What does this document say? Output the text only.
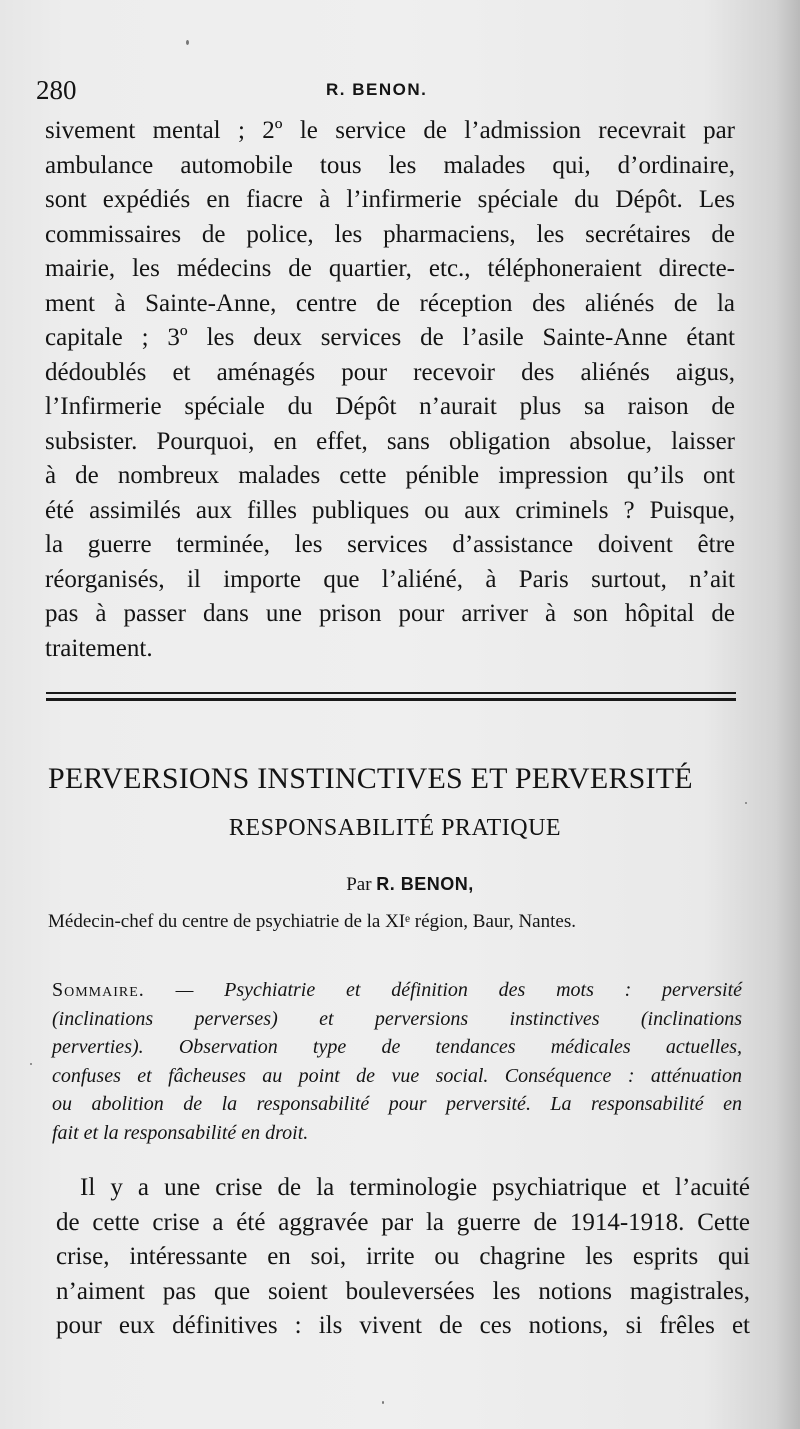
280	R. BENON.
sivement mental ; 2º le service de l’admission recevrait par
ambulance automobile tous les malades qui, d’ordinaire,
sont expédiés en fiacre à l’infirmerie spéciale du Dépôt. Les
commissaires de police, les pharmaciens, les secrétaires de
mairie, les médecins de quartier, etc., téléphoneraient directe-
ment à Sainte-Anne, centre de réception des aliénés de la
capitale ; 3º les deux services de l’asile Sainte-Anne étant
dédoublés et aménagés pour recevoir des aliénés aigus,
l’Infirmerie spéciale du Dépôt n’aurait plus sa raison de
subsister. Pourquoi, en effet, sans obligation absolue, laisser
à de nombreux malades cette pénible impression qu’ils ont
été assimilés aux filles publiques ou aux criminels ? Puisque,
la guerre terminée, les services d’assistance doivent être
réorganisés, il importe que l’aliéné, à Paris surtout, n’ait
pas à passer dans une prison pour arriver à son hôpital de
traitement.
PERVERSIONS INSTINCTIVES ET PERVERSITÉ
RESPONSABILITÉ PRATIQUE
Par R. BENON,
Médecin-chef du centre de psychiatrie de la XIᵉ région, Baur, Nantes.
Sommaire. — Psychiatrie et définition des mots : perversité
(inclinations perverses) et perversions instinctives (inclinations
perverties). Observation type de tendances médicales actuelles,
confuses et fâcheuses au point de vue social. Conséquence : atténuation
ou abolition de la responsabilité pour perversité. La responsabilité en
fait et la responsabilité en droit.
Il y a une crise de la terminologie psychiatrique et l’acuité
de cette crise a été aggravée par la guerre de 1914-1918. Cette
crise, intéressante en soi, irrite ou chagrine les esprits qui
n’aiment pas que soient bouleversées les notions magistrales,
pour eux définitives : ils vivent de ces notions, si frêles et
